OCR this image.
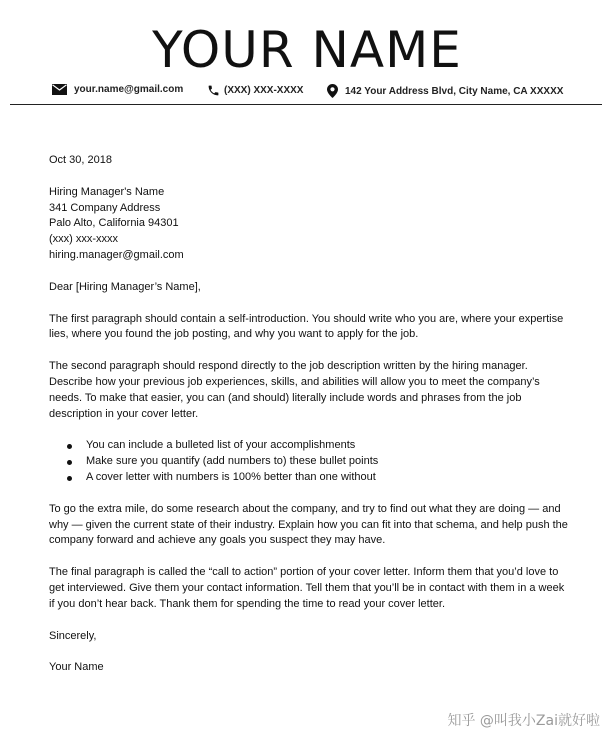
YOUR NAME
your.name@gmail.com	(XXX) XXX-XXXX	142 Your Address Blvd, City Name, CA XXXXX

Oct 30, 2018

Hiring Manager's Name

341 Company Address

Palo Alto, California 94301

(xxx) xxx-xxxx

hiring.manager@gmail.com

Dear [Hiring Manager’s Name],

The first paragraph should contain a self-introduction. You should write who you are, where your expertise lies, where you found the job posting, and why you want to apply for the job.

The second paragraph should respond directly to the job description written by the hiring manager. Describe how your previous job experiences, skills, and abilities will allow you to meet the company’s needs. To make that easier, you can (and should) literally include words and phrases from the job description in your cover letter.

You can include a bulleted list of your accomplishments
Make sure you quantify (add numbers to) these bullet points
A cover letter with numbers is 100% better than one without

To go the extra mile, do some research about the company, and try to find out what they are doing — and why — given the current state of their industry. Explain how you can fit into that schema, and help push the company forward and achieve any goals you suspect they may have.

The final paragraph is called the “call to action” portion of your cover letter. Inform them that you’d love to get interviewed. Give them your contact information. Tell them that you’ll be in contact with them in a week if you don’t hear back. Thank them for spending the time to read your cover letter.

Sincerely,

Your Name

知乎 @叫我小Zai就好啦
